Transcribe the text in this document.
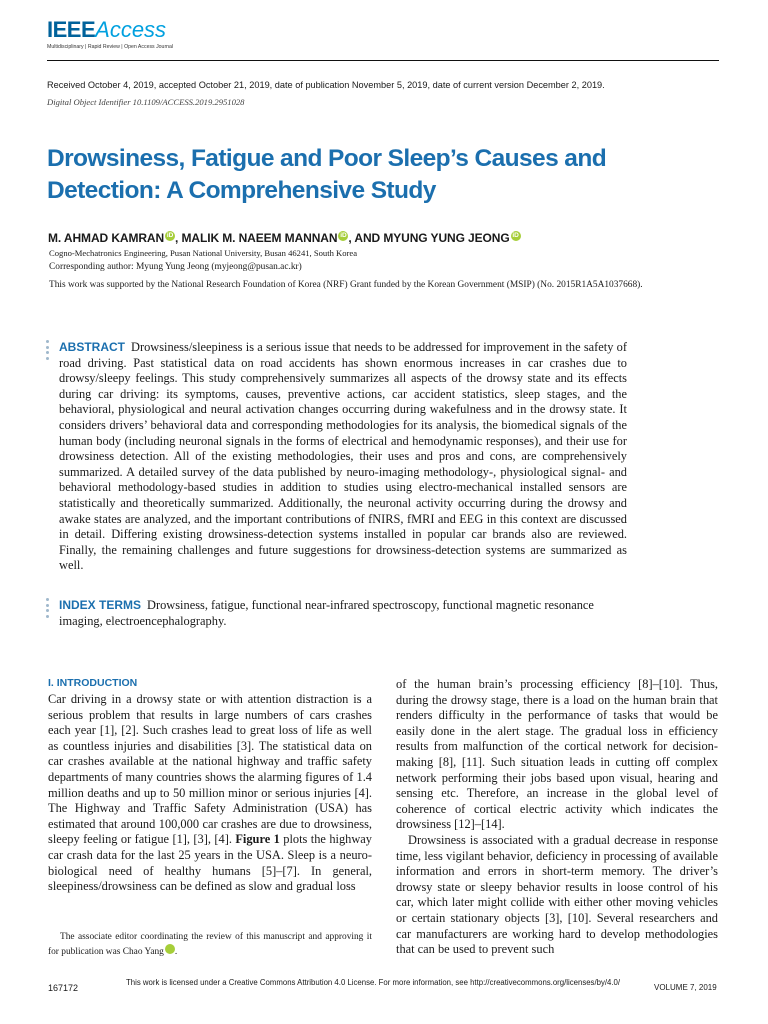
IEEEAccess
Multidisciplinary | Rapid Review | Open Access Journal
Received October 4, 2019, accepted October 21, 2019, date of publication November 5, 2019, date of current version December 2, 2019.
Digital Object Identifier 10.1109/ACCESS.2019.2951028
Drowsiness, Fatigue and Poor Sleep’s Causes and Detection: A Comprehensive Study
M. AHMAD KAMRAN iD , MALIK M. NAEEM MANNAN iD , AND MYUNG YUNG JEONG iD
Cogno-Mechatronics Engineering, Pusan National University, Busan 46241, South Korea
Corresponding author: Myung Yung Jeong (myjeong@pusan.ac.kr)
This work was supported by the National Research Foundation of Korea (NRF) Grant funded by the Korean Government (MSIP) (No. 2015R1A5A1037668).

ABSTRACT Drowsiness/sleepiness is a serious issue that needs to be addressed for improvement in the safety of road driving. Past statistical data on road accidents has shown enormous increases in car crashes due to drowsy/sleepy feelings. This study comprehensively summarizes all aspects of the drowsy state and its effects during car driving: its symptoms, causes, preventive actions, car accident statistics, sleep stages, and the behavioral, physiological and neural activation changes occurring during wakefulness and in the drowsy state. It considers drivers’ behavioral data and corresponding methodologies for its analysis, the biomedical signals of the human body (including neuronal signals in the forms of electrical and hemodynamic responses), and their use for drowsiness detection. All of the existing methodologies, their uses and pros and cons, are comprehensively summarized. A detailed survey of the data published by neuro-imaging methodology-, physiological signal- and behavioral methodology-based studies in addition to studies using electro-mechanical installed sensors are statistically and theoretically summarized. Additionally, the neuronal activity occurring during the drowsy and awake states are analyzed, and the important contributions of fNIRS, fMRI and EEG in this context are discussed in detail. Differing existing drowsiness-detection systems installed in popular car brands also are reviewed. Finally, the remaining challenges and future suggestions for drowsiness-detection systems are summarized as well.

INDEX TERMS Drowsiness, fatigue, functional near-infrared spectroscopy, functional magnetic resonance imaging, electroencephalography.

I. INTRODUCTION

Car driving in a drowsy state or with attention distraction is a serious problem that results in large numbers of cars crashes each year [1], [2]. Such crashes lead to great loss of life as well as countless injuries and disabilities [3]. The statistical data on car crashes available at the national highway and traffic safety departments of many countries shows the alarming figures of 1.4 million deaths and up to 50 million minor or serious injuries [4]. The Highway and Traffic Safety Administration (USA) has estimated that around 100,000 car crashes are due to drowsiness, sleepy feeling or fatigue [1], [3], [4]. Figure 1 plots the highway car crash data for the last 25 years in the USA. Sleep is a neuro-biological need of healthy humans [5]–[7]. In general, sleepiness/drowsiness can be defined as slow and gradual loss

The associate editor coordinating the review of this manuscript and approving it for publication was Chao Yang iD.

of the human brain’s processing efficiency [8]–[10]. Thus, during the drowsy stage, there is a load on the human brain that renders difficulty in the performance of tasks that would be easily done in the alert stage. The gradual loss in efficiency results from malfunction of the cortical network for decision-making [8], [11]. Such situation leads in cutting off complex network performing their jobs based upon visual, hearing and sensing etc. Therefore, an increase in the global level of coherence of cortical electric activity which indicates the drowsiness [12]–[14].

Drowsiness is associated with a gradual decrease in response time, less vigilant behavior, deficiency in processing of available information and errors in short-term memory. The driver’s drowsy state or sleepy behavior results in loose control of his car, which later might collide with either other moving vehicles or certain stationary objects [3], [10]. Several researchers and car manufacturers are working hard to develop methodologies that can be used to prevent such

167172
This work is licensed under a Creative Commons Attribution 4.0 License. For more information, see http://creativecommons.org/licenses/by/4.0/
VOLUME 7, 2019
